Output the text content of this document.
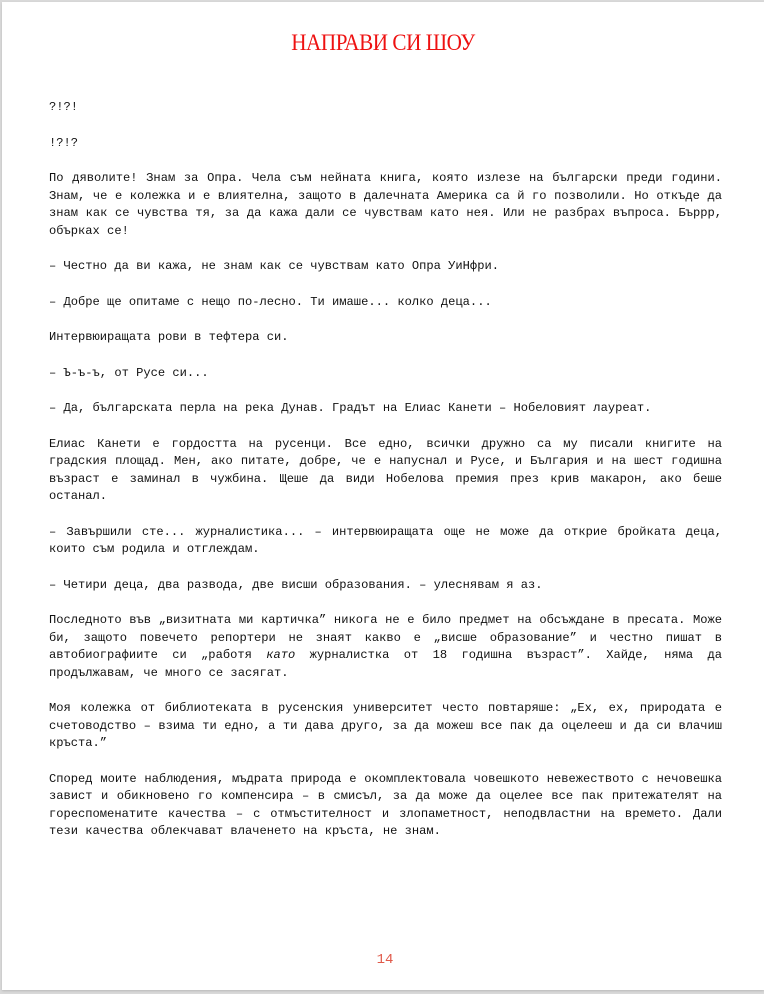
НАПРАВИ СИ ШОУ

?!?!

!?!?

По дяволите! Знам за Опра. Чела съм нейната книга, която излезе на български преди години. Знам, че е колежка и е влиятелна, защото в далечната Америка са й го позволили. Но откъде да знам как се чувства тя, за да кажа дали се чувствам като нея. Или не разбрах въпроса. Бъррр, обърках се!

– Честно да ви кажа, не знам как се чувствам като Опра УиНфри.

– Добре ще опитаме с нещо по-лесно. Ти имаше... колко деца...

Интервюиращата рови в тефтера си.

– Ъ-ъ-ъ, от Русе си...

– Да, българската перла на река Дунав. Градът на Елиас Канети – Нобеловият лауреат.

Елиас Канети е гордостта на русенци. Все едно, всички дружно са му писали книгите на градския площад. Мен, ако питате, добре, че е напуснал и Русе, и България и на шест годишна възраст е заминал в чужбина. Щеше да види Нобелова премия през крив макарон, ако беше останал.

– Завършили сте... журналистика... – интервюиращата още не може да открие бройката деца, които съм родила и отглеждам.

– Четири деца, два развода, две висши образования. – улеснявам я аз.

Последното във „визитната ми картичка” никога не е било предмет на обсъждане в пресата. Може би, защото повечето репортери не знаят какво е „висше образование” и честно пишат в автобиографиите си „работя като журналистка от 18 годишна възраст”. Хайде, няма да продължавам, че много се засягат.

Моя колежка от библиотеката в русенския университет често повтаряше: „Ех, ех, природата е счетоводство – взима ти едно, а ти дава друго, за да можеш все пак да оцелееш и да си влачиш кръста.”

Според моите наблюдения, мъдрата природа е окомплектовала човешкото невежеството с нечовешка завист и обикновено го компенсира – в смисъл, за да може да оцелее все пак притежателят на гореспоменатите качества – с отмъстителност и злопаметност, неподвластни на времето. Дали тези качества облекчават влаченето на кръста, не знам.

14
